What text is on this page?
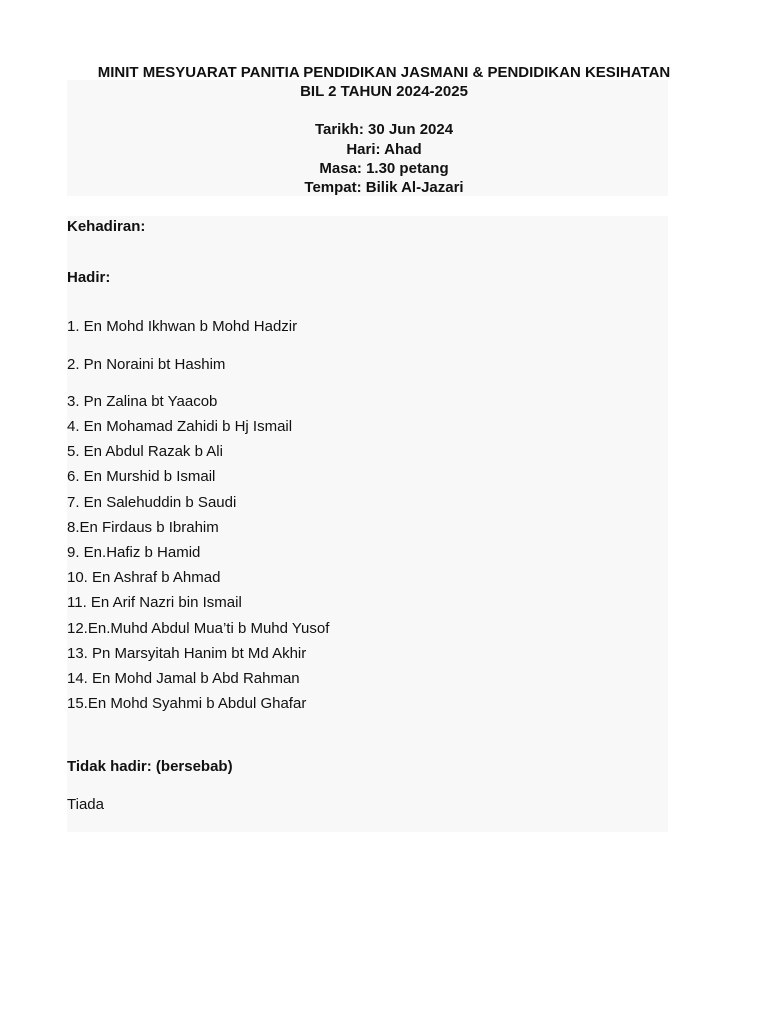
MINIT MESYUARAT PANITIA PENDIDIKAN JASMANI & PENDIDIKAN KESIHATAN
BIL 2 TAHUN 2024-2025
Tarikh: 30 Jun 2024
Hari: Ahad
Masa: 1.30 petang
Tempat: Bilik Al-Jazari
Kehadiran:
Hadir:
1. En Mohd Ikhwan b Mohd Hadzir
2. Pn Noraini bt Hashim
3. Pn Zalina bt Yaacob
4. En Mohamad Zahidi b Hj Ismail
5. En Abdul Razak b Ali
6. En Murshid b Ismail
7. En Salehuddin b Saudi
8.En Firdaus b Ibrahim
9. En.Hafiz b Hamid
10. En Ashraf b Ahmad
11. En Arif Nazri bin Ismail
12.En.Muhd Abdul Mua’ti b Muhd Yusof
13. Pn Marsyitah Hanim bt Md Akhir
14. En Mohd Jamal b Abd Rahman
15.En Mohd Syahmi b Abdul Ghafar
Tidak hadir: (bersebab)
Tiada
